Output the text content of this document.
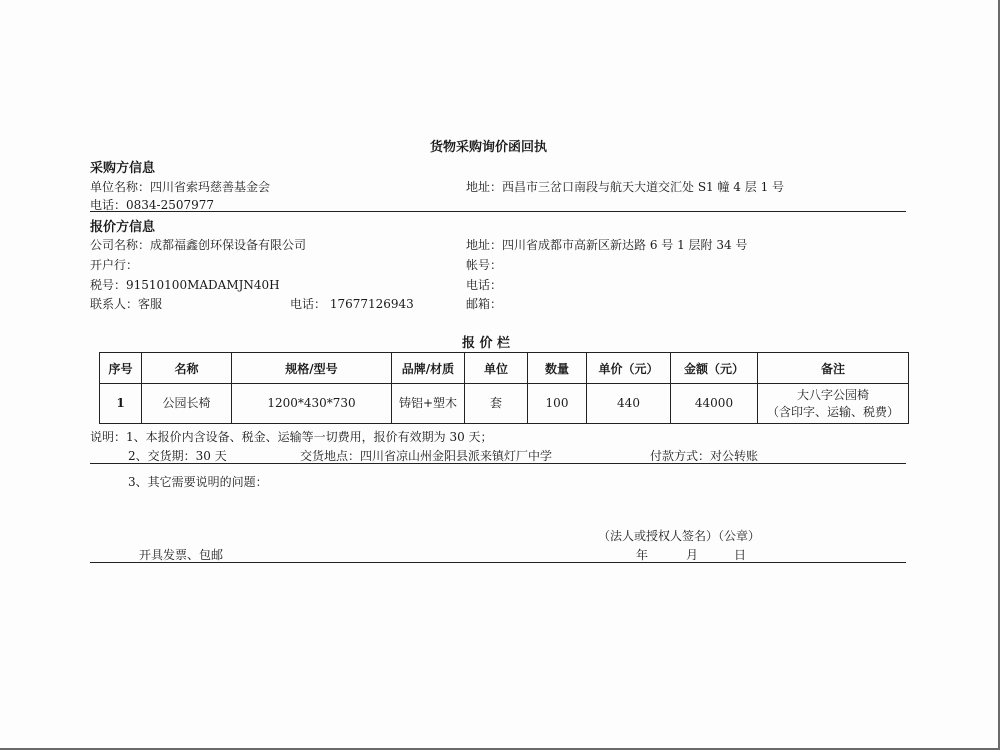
货物采购询价函回执
采购方信息
单位名称：四川省索玛慈善基金会	地址：西昌市三岔口南段与航天大道交汇处 S1 幢 4 层 1 号
电话：0834-2507977
报价方信息
公司名称：成都福鑫创环保设备有限公司	地址：四川省成都市高新区新达路 6 号 1 层附 34 号
开户行：	帐号：
税号：91510100MADAMJN40H	电话：
联系人：客服	电话： 17677126943	邮箱：
报 价 栏
序号	名称	规格/型号	品牌/材质	单位	数量	单价（元）	金额（元）	备注
1	公园长椅	1200*430*730	铸铝+塑木	套	100	440	44000	大八字公园椅
（含印字、运输、税费）
说明：1、本报价内含设备、税金、运输等一切费用，报价有效期为 30 天；
2、交货期：30 天	交货地点：四川省凉山州金阳县派来镇灯厂中学	付款方式：对公转账
3、其它需要说明的问题：
（法人或授权人签名）（公章）
开具发票、包邮	年	月	日
